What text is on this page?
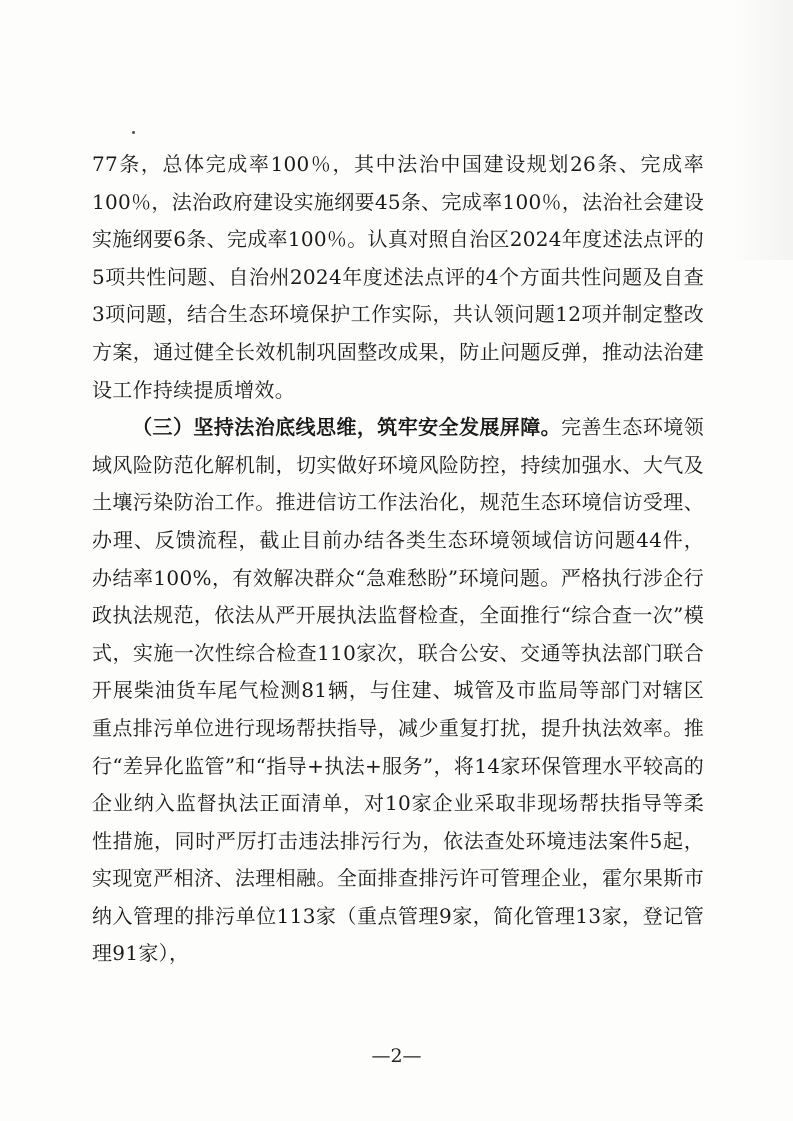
77条，总体完成率100％，其中法治中国建设规划26条、完成率100％，法治政府建设实施纲要45条、完成率100％，法治社会建设实施纲要6条、完成率100％。认真对照自治区2024年度述法点评的5项共性问题、自治州2024年度述法点评的4个方面共性问题及自查3项问题，结合生态环境保护工作实际，共认领问题12项并制定整改方案，通过健全长效机制巩固整改成果，防止问题反弹，推动法治建设工作持续提质增效。

（三）坚持法治底线思维，筑牢安全发展屏障。完善生态环境领域风险防范化解机制，切实做好环境风险防控，持续加强水、大气及土壤污染防治工作。推进信访工作法治化，规范生态环境信访受理、办理、反馈流程，截止目前办结各类生态环境领域信访问题44件，办结率100%，有效解决群众“急难愁盼”环境问题。严格执行涉企行政执法规范，依法从严开展执法监督检查，全面推行“综合查一次”模式，实施一次性综合检查110家次，联合公安、交通等执法部门联合开展柴油货车尾气检测81辆，与住建、城管及市监局等部门对辖区重点排污单位进行现场帮扶指导，减少重复打扰，提升执法效率。推行“差异化监管”和“指导+执法+服务”，将14家环保管理水平较高的企业纳入监督执法正面清单，对10家企业采取非现场帮扶指导等柔性措施，同时严厉打击违法排污行为，依法查处环境违法案件5起，实现宽严相济、法理相融。全面排查排污许可管理企业，霍尔果斯市纳入管理的排污单位113家（重点管理9家，简化管理13家，登记管理91家），

—2—
